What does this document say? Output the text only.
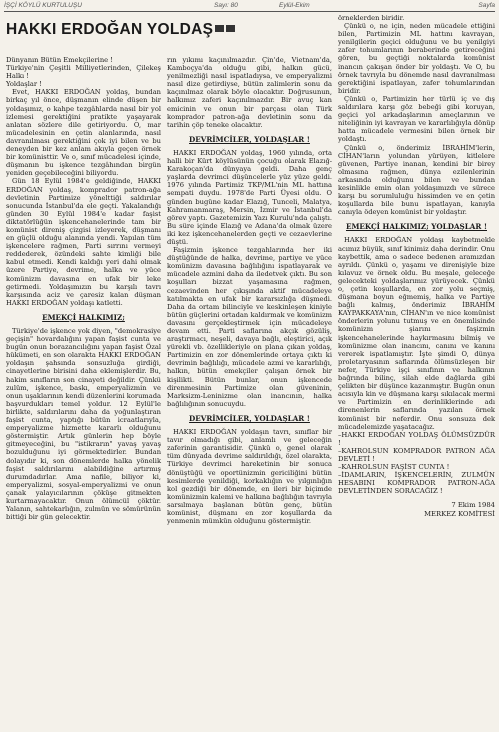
İŞÇİ KÖYLÜ KURTULUŞU	Sayı: 80	Eylül-Ekim	Sayfa
HAKKI ERDOĞAN YOLDAŞ

Dünyanın Bütün Emekçilerine !

Türkiye'nin Çeşitli Milliyetlerinden, Çilekeş Halkı !

Yoldaşlar !

Evet, HAKKI ERDOĞAN yoldaş, bundan birkaç yıl önce, düşmanın elinde düşen bir yoldaşımız, o kahpe tezgâhlarda nasıl bir yol izlemesi gerektiğini pratikte yaşayarak anlatan sözlere dile getiriyordu. O, mar mücadelesinin en çetin alanlarında, nasıl davranılması gerektiğini çok iyi bilen ve bu deneyden bir kez anlam akıyla geçen örnek bir komünisttir. Ve o, sınıf mücadelesi içinde, düşmanın bu işkence tezgâhından birgün yeniden geçebileceğini biliyordu.

Gün 18 Eylül 1984'e geldiğinde, HAKKI ERDOĞAN yoldaş, komprador patron-ağa devletinin Partimize yönelttiği saldırılar sonucunda İstanbul'da ele geçti. Yakalandığı günden 30 Eylül 1984'e kadar faşist diktatörlüğün işkencehanelerinde tam bir komünist direniş çizgisi izleyerek, düşmanı en güçlü olduğu alanında yendi. Yapılan tüm işkencelere rağmen, Parti sırrını vermeyi reddederek, özündeki sahte kimliği bile kabul etmedi. Kendi kaldığı yeri dahi olmak üzere Partiye, devrime, halka ve yüce komünizm davasına en ufak bir leke getirmedi. Yoldaşımızın bu karşılı tavrı karşısında aciz ve çaresiz kalan düşman HAKKI ERDOĞAN yoldaşı katletti.

EMEKÇİ HALKIMIZ;

Türkiye'de işkence yok diyen, "demokrasiye geçişin" hovardalığını yapan faşist cunta ve bugün onun borazancılığını yapan faşist Özal hükümeti, en son olarakta HAKKI ERDOĞAN yoldaşın şahsında sonsuzluğa girdiği, cinayetlerine birisini daha eklemişlerdir. Bu, hakim sınıfların son cinayeti değildir. Çünkü zulüm, işkence, baskı, emperyalizmin ve onun uşaklarının kendi düzenlerini korumada başvurdukları temel yoldur. 12 Eylül'le birlikte, saldırılarını daha da yoğunlaştıran faşist cunta, yaptığı bütün icraatlarıyla, emperyalizme hizmette kararlı olduğunu göstermiştir. Artık günlerin hep böyle gitmeyeceğini, bu "istikrarın" yavaş yavaş bozulduğunu iyi görmektedirler. Bundan dolayıdır ki, son dönemlerde halka yönelik faşist saldırılarını alabildiğine artırmış durumdadırlar. Ama nafile, biliyor ki, emperyalizmi, sosyal-emperyalizmi ve onun çanak yalayıcılarının çöküşe gitmekten kurtarmayacaktır. Onun ölümcül çöktür. Yalanın, sahtekarlığın, zulmün ve sömürünün bittiği bir gün gelecektir.

rın yıkımı kaçınılmazdır. Çin'de, Vietnam'da, Kamboçya'da olduğu gibi, halkın gücü, yenilmezliği nasıl ispatladıysa, ve emperyalizmi nasıl dize getirdiyse, bütün zalimlerin sonu da kaçınılmaz olarak böyle olacaktır. Doğrusunun, halkımız zaferi kaçınılmazdır. Bir avuç kan emicinin ve onun bir parçası olan Türk komprador patron-ağa devletinin sonu da tarihin çöp teneke olacaktır.

DEVRİMCİLER, YOLDAŞLAR !

HAKKI ERDOĞAN yoldaş, 1960 yılında, orta halli bir Kürt köylüsünün çocuğu olarak Elazığ-Karakoçan'da dünyaya geldi. Daha genç yaşlarda devrimci düşüncelerle yüz yüze geldi. 1976 yılında Partimiz TKP/ML'nin ML hattına sempati duydu. 1978'de Parti Üyesi oldu. O günden bugüne kadar Elazığ, Tunceli, Malatya, Kahramanmaraş, Mersin, İzmir ve İstanbul'da görev yaptı. Gazetemizin Yazı Kurulu'nda çalıştı. Bu süre içinde Elazığ ve Adana'da olmak üzere iki kez işkencehanelerden geçti ve cezaevlerine düştü.

Faşizmin işkence tezgahlarında her iki düştüğünde de halka, devrime, partiye ve yüce komünizm davasına bağlılığını ispatlayarak ve mücadele azmini daha da iledetvek çıktı. Bu son koşulları bizzat yaşamasına rağmen, cezaevinden her çıkışında aktif mücadeleye katılmakta en ufak bir kararsızlığa düşmedi. Daha da ortam bilinciyle ve keskinleşen kiniyle bütün güçlerini ortadan kaldırmak ve komünizm davasını gerçekleştirmek için mücadeleye devam etti. Parti saflarına akçık gözüliş, araştırmacı, neşeli, davaya bağlı, eleştirici, açık yürekli vb. özellikleriyle on plana çıkan yoldaş, Partimizin en zor dönemlerinde ortaya çıktı ki devrimin bağlılığı, mücadele azmi ve kararlılığı, halkın, bütün emekçiler çalışan örnek bir kişilikti. Bütün bunlar, onun işkencede direnmesinin Partimize olan güveninin, Marksizm-Leninizme olan inancının, halka bağlılığının sonucuydu.

DEVRİMCİLER, YOLDAŞLAR !

HAKKI ERDOĞAN yoldaşın tavrı, sınıflar bir tavır olmadığı gibi, anlamlı ve geleceğin zaferinin garantisidir. Çünkü o, genel olarak tüm dünyada devrime saldırıldığı, özel olarakta, Türkiye devrimci hareketinin bir sonuca dönüştüğü ve oportünizmin gericiliğini bütün kesimlerde yenildiği, korkaklığın ve yılgınlığın kol gezdiği bir dönemde, en ileri bir biçimde komünizmin kalemi ve halkına bağlılığın tavrıyla sarsılmaya başlanan bütün genç, bütün komünist, düşmanı en zor koşullarda da yenmenin mümkün olduğunu göstermiştir.

örneklerden biridir.

Çünkü o, ne için, neden mücadele ettiğini bilen, Partimizin ML hattını kavrayan, yenilgilerin geçici olduğunu ve bu yenilgiyi zafer tohumlarının beraberinde getireceğini gören, bu geçtiği noktalarda komünist inancın çakışan önder bir yoldaştı. Ve O, bu örnek tavrıyla bu dönemde nasıl davranılması gerektiğini ispatlayan, zafer tohumlarından biridir.

Çünkü o, Partimizin her türlü iç ve dış saldırılara karşı göz bebeği gibi koruyan, geçici yol arkadaşlarının ameçlarının ve niteliğinin iyi kavrayan ve kararlılığıyla dönüp hatta mücadele vermesini bilen örnek bir yoldaştı.

Çünkü o, önderimiz İBRAHİM'lerin, CİHAN'ların yolundan yürüyen, kitlelere güvenen, Partiye inanan, kendini bir birey olmasına rağmen, dünya ezilenlerinin arkasında olduğunu bilen ve bundan kesinlikle emin olan yoldaşımızdı ve sürece karşı bu sorumluluğu hissimden ve en çetin koşullarda bile bunu ispatlayan, kanıyla canıyla ödeyen komünist bir yoldaştır.

EMEKÇİ HALKIMIZ; YOLDAŞLAR !

HAKKI ERDOĞAN yoldaşı kaybetmekle acımız büyük, sınıf kinimiz daha derindir. Onu kaybettik, ama o sadece bedenen aramızdan ayrıldı. Çünkü o, yaşamı ve direnişiyle bize kılavuz ve örnek oldu. Bu meşale, geleceğe gelecekteki yoldaşlarımız yürüyecek. Çünkü o, çetin koşullarda, en zor yolu seçmiş, düşmana boyun eğmemiş, halka ve Partiye bağlı kalmış, önderimiz İBRAHİM KAYPAKKAYA'nın, CİHAN'ın ve nice komünist önderlerin yolunu tutmuş ve en önemlisinde komünizm şiarını faşizmin işkencehanelerinde haykırmasını bilmiş ve komünizme olan inancını, canını ve kanını vererek ispatlamıştır. İşte şimdi O, dünya proletaryasının saflarında ölümsüzleşen bir nefer, Türkiye işçi sınıfının ve halkının bağrında bilinç, silah elde dağlarda gibi çelikten bir düşünce kazanmıştır. Bugün onun acısıyla kin ve düşmana karşı sıkılacak mermi ve Partimizin en derinliklerinde adı direnenlerin saflarında yazılan örnek komünist bir neferdir. Onu sonsuza dek mücadelemizde yaşatacağız.

–HAKKI ERDOĞAN YOLDAŞ ÖLÜMSÜZDÜR !

–KAHROLSUN KOMPRADOR PATRON AĞA DEVLETİ !

–KAHROLSUN FAŞİST CUNTA !

–İDAMLARIN, İŞKENCELERİN, ZULMÜN HESABINI KOMPRADOR PATRON-AĞA DEVLETİNDEN SORACAĞIZ !

7 Ekim 1984
MERKEZ KOMİTESİ
